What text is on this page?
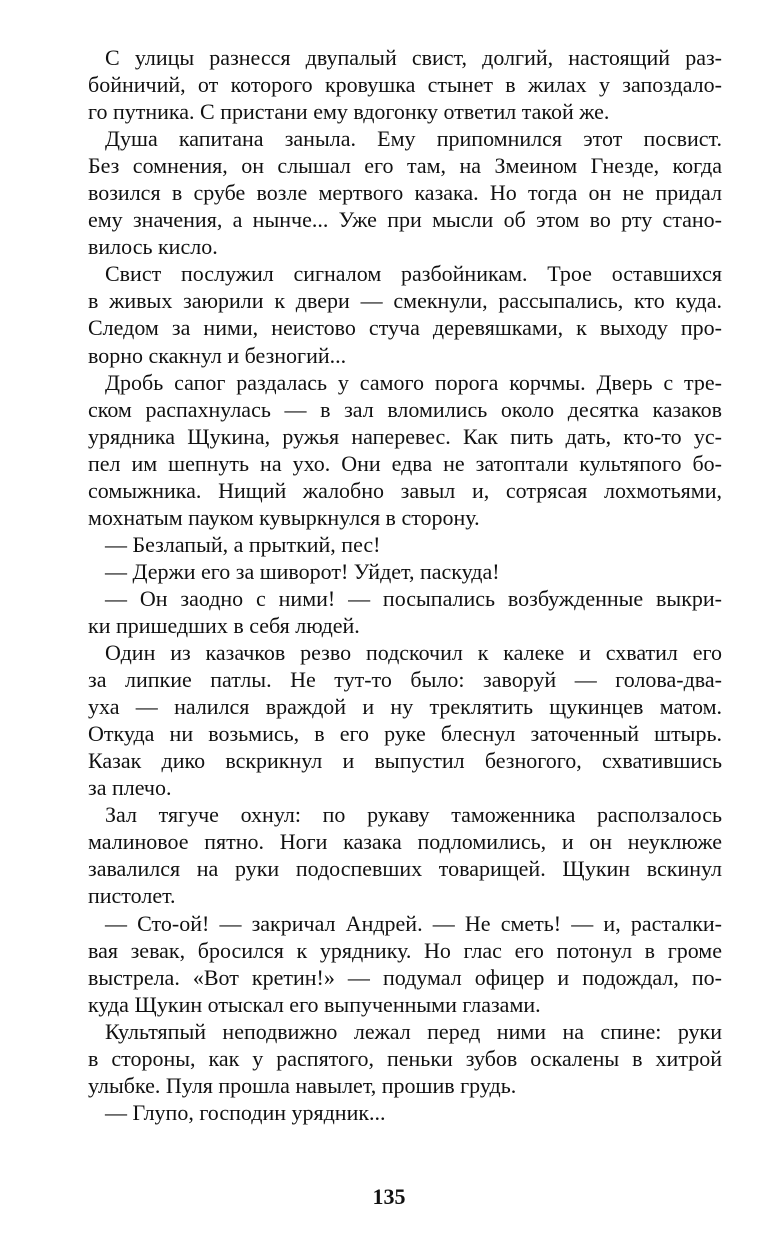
С улицы разнесся двупалый свист, долгий, настоящий раз-
бойничий, от которого кровушка стынет в жилах у запоздало-
го путника. С пристани ему вдогонку ответил такой же.
Душа капитана заныла. Ему припомнился этот посвист.
Без сомнения, он слышал его там, на Змеином Гнезде, когда
возился в срубе возле мертвого казака. Но тогда он не придал
ему значения, а нынче... Уже при мысли об этом во рту стано-
вилось кисло.
Свист послужил сигналом разбойникам. Трое оставшихся
в живых заюрили к двери — смекнули, рассыпались, кто куда.
Следом за ними, неистово стуча деревяшками, к выходу про-
ворно скакнул и безногий...
Дробь сапог раздалась у самого порога корчмы. Дверь с тре-
ском распахнулась — в зал вломились около десятка казаков
урядника Щукина, ружья наперевес. Как пить дать, кто-то ус-
пел им шепнуть на ухо. Они едва не затоптали культяпого бо-
сомыжника. Нищий жалобно завыл и, сотрясая лохмотьями,
мохнатым пауком кувыркнулся в сторону.
— Безлапый, а прыткий, пес!
— Держи его за шиворот! Уйдет, паскуда!
— Он заодно с ними! — посыпались возбужденные выкри-
ки пришедших в себя людей.
Один из казачков резво подскочил к калеке и схватил его
за липкие патлы. Не тут-то было: заворуй — голова-два-
уха — налился враждой и ну треклятить щукинцев матом.
Откуда ни возьмись, в его руке блеснул заточенный штырь.
Казак дико вскрикнул и выпустил безногого, схватившись
за плечо.
Зал тягуче охнул: по рукаву таможенника расползалось
малиновое пятно. Ноги казака подломились, и он неуклюже
завалился на руки подоспевших товарищей. Щукин вскинул
пистолет.
— Сто-ой! — закричал Андрей. — Не сметь! — и, расталки-
вая зевак, бросился к уряднику. Но глас его потонул в громе
выстрела. «Вот кретин!» — подумал офицер и подождал, по-
куда Щукин отыскал его выпученными глазами.
Культяпый неподвижно лежал перед ними на спине: руки
в стороны, как у распятого, пеньки зубов оскалены в хитрой
улыбке. Пуля прошла навылет, прошив грудь.
— Глупо, господин урядник...
135
